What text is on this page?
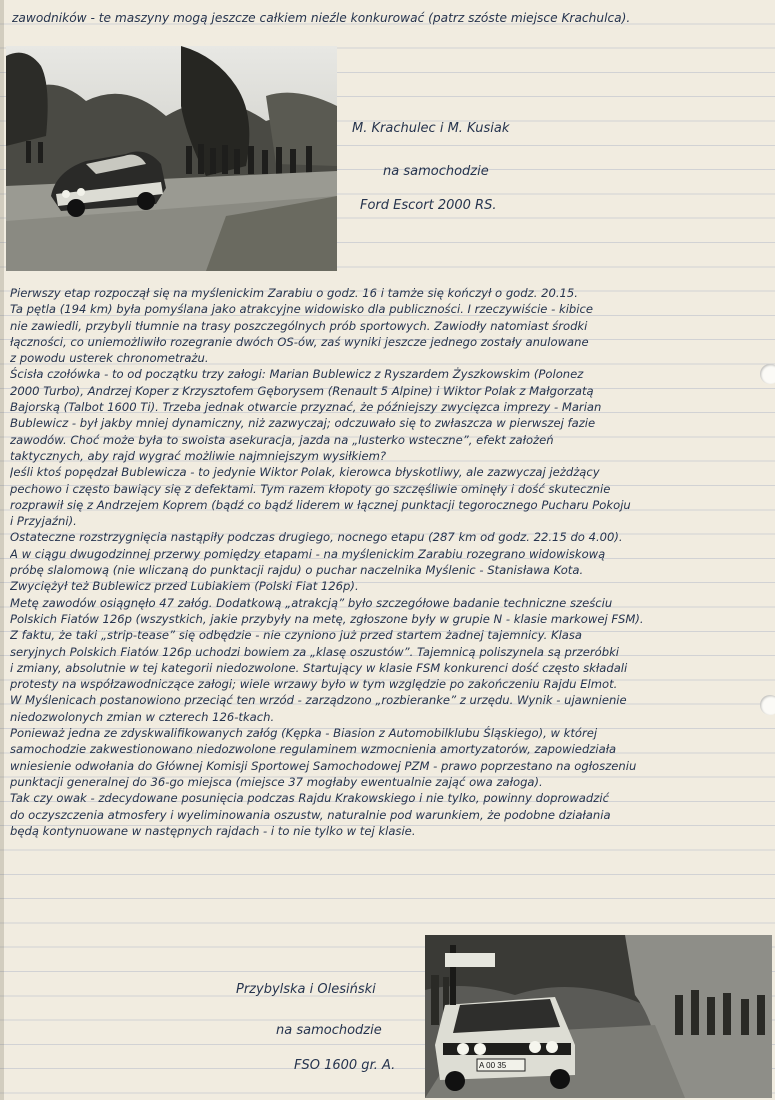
zawodników - te maszyny mogą jeszcze całkiem nieźle konkurować (patrz szóste miejsce Krachulca).
M. Krachulec i M. Kusiak
na samochodzie
Ford Escort 2000 RS.

Pierwszy etap rozpoczął się na myślenickim Zarabiu o godz. 16 i tamże się kończył o godz. 20.15.

Ta pętla (194 km) była pomyślana jako atrakcyjne widowisko dla publiczności. I rzeczywiście - kibice

nie zawiedli, przybyli tłumnie na trasy poszczególnych prób sportowych. Zawiodły natomiast środki

łączności, co uniemożliwiło rozegranie dwóch OS-ów, zaś wyniki jeszcze jednego zostały anulowane

z powodu usterek chronometrażu.

Ścisła czołówka - to od początku trzy załogi: Marian Bublewicz z Ryszardem Żyszkowskim (Polonez

2000 Turbo), Andrzej Koper z Krzysztofem Gęborysem (Renault 5 Alpine) i Wiktor Polak z Małgorzatą

Bajorską (Talbot 1600 Ti). Trzeba jednak otwarcie przyznać, że późniejszy zwycięzca imprezy - Marian

Bublewicz - był jakby mniej dynamiczny, niż zazwyczaj; odczuwało się to zwłaszcza w pierwszej fazie

zawodów. Choć może była to swoista asekuracja, jazda na „lusterko wsteczne”, efekt założeń

taktycznych, aby rajd wygrać możliwie najmniejszym wysiłkiem?

Jeśli ktoś popędzał Bublewicza - to jedynie Wiktor Polak, kierowca błyskotliwy, ale zazwyczaj jeżdżący

pechowo i często bawiący się z defektami. Tym razem kłopoty go szczęśliwie ominęły i dość skutecznie

rozprawił się z Andrzejem Koprem (bądź co bądź liderem w łącznej punktacji tegorocznego Pucharu Pokoju

i Przyjaźni).

Ostateczne rozstrzygnięcia nastąpiły podczas drugiego, nocnego etapu (287 km od godz. 22.15 do 4.00).

A w ciągu dwugodzinnej przerwy pomiędzy etapami - na myślenickim Zarabiu rozegrano widowiskową

próbę slalomową (nie wliczaną do punktacji rajdu) o puchar naczelnika Myślenic - Stanisława Kota.

Zwyciężył też Bublewicz przed Lubiakiem (Polski Fiat 126p).

Metę zawodów osiągnęło 47 załóg. Dodatkową „atrakcją” było szczegółowe badanie techniczne sześciu

Polskich Fiatów 126p (wszystkich, jakie przybyły na metę, zgłoszone były w grupie N - klasie markowej FSM).

Z faktu, że taki „strip-tease” się odbędzie - nie czyniono już przed startem żadnej tajemnicy. Klasa

seryjnych Polskich Fiatów 126p uchodzi bowiem za „klasę oszustów”. Tajemnicą poliszynela są przeróbki

i zmiany, absolutnie w tej kategorii niedozwolone. Startujący w klasie FSM konkurenci dość często składali

protesty na współzawodniczące załogi; wiele wrzawy było w tym względzie po zakończeniu Rajdu Elmot.

W Myślenicach postanowiono przeciąć ten wrzód - zarządzono „rozbieranke” z urzędu. Wynik - ujawnienie

niedozwolonych zmian w czterech 126-tkach.

Ponieważ jedna ze zdyskwalifikowanych załóg (Kępka - Biasion z Automobilklubu Śląskiego), w której

samochodzie zakwestionowano niedozwolone regulaminem wzmocnienia amortyzatorów, zapowiedziała

wniesienie odwołania do Głównej Komisji Sportowej Samochodowej PZM - prawo poprzestano na ogłoszeniu

punktacji generalnej do 36-go miejsca (miejsce 37 mogłaby ewentualnie zająć owa załoga).

Tak czy owak - zdecydowane posunięcia podczas Rajdu Krakowskiego i nie tylko, powinny doprowadzić

do oczyszczenia atmosfery i wyeliminowania oszustw, naturalnie pod warunkiem, że podobne działania

będą kontynuowane w następnych rajdach - i to nie tylko w tej klasie.

Przybylska i Olesiński
na samochodzie
FSO 1600 gr. A.	A 00 35
